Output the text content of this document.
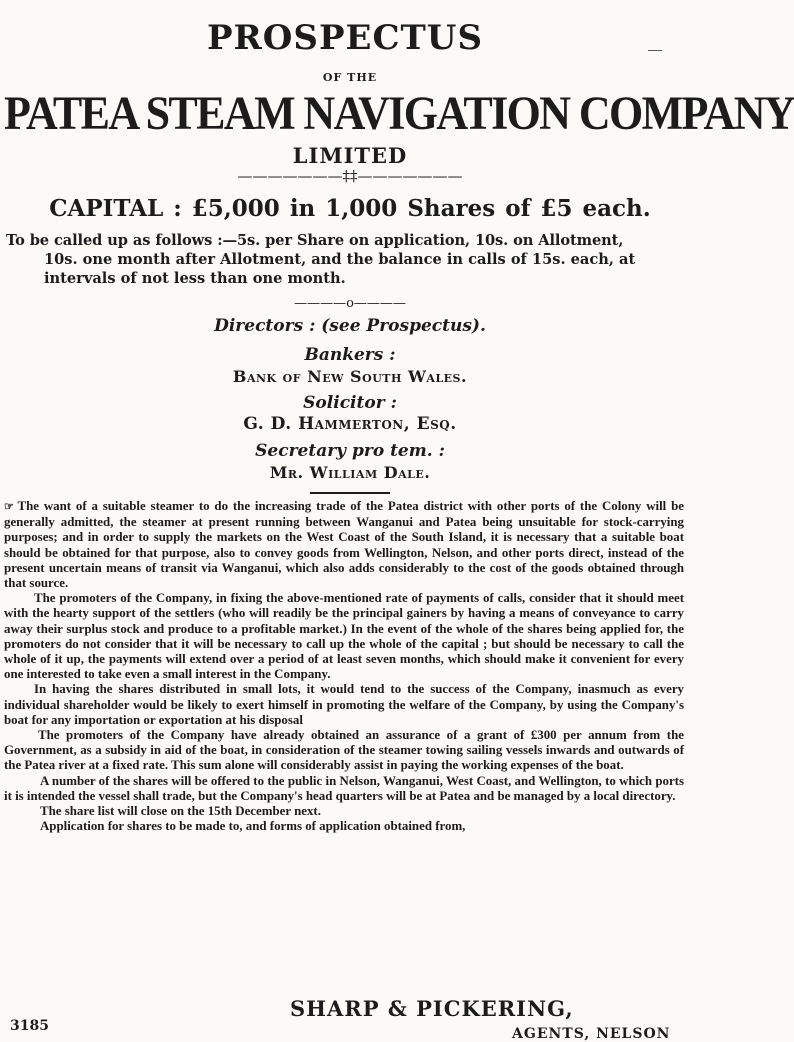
PROSPECTUS
OF THE
PATEA STEAM NAVIGATION COMPANY
LIMITED
———————‡‡———————
CAPITAL : £5,000 in 1,000 Shares of £5 each.
To be called up as follows :—5s. per Share on application, 10s. on Allotment,
10s. one month after Allotment, and the balance in calls of 15s. each, at
intervals of not less than one month.
————o————
Directors : (see Prospectus).
Bankers :
Bank of New South Wales.
Solicitor :
G. D. Hammerton, Esq.
Secretary pro tem. :
Mr. William Dale.

☞ The want of a suitable steamer to do the increasing trade of the Patea district with other ports of the Colony will be generally admitted, the steamer at present running between Wanganui and Patea being unsuitable for stock-carrying purposes; and in order to supply the markets on the West Coast of the South Island, it is necessary that a suitable boat should be obtained for that purpose, also to convey goods from Wellington, Nelson, and other ports direct, instead of the present uncertain means of transit via Wanganui, which also adds considerably to the cost of the goods obtained through that source.

The promoters of the Company, in fixing the above-mentioned rate of payments of calls, consider that it should meet with the hearty support of the settlers (who will readily be the principal gainers by having a means of conveyance to carry away their surplus stock and produce to a profitable market.) In the event of the whole of the shares being applied for, the promoters do not consider that it will be necessary to call up the whole of the capital ; but should be necessary to call the whole of it up, the payments will extend over a period of at least seven months, which should make it convenient for every one interested to take even a small interest in the Company.

In having the shares distributed in small lots, it would tend to the success of the Company, inasmuch as every individual shareholder would be likely to exert himself in promoting the welfare of the Company, by using the Company's boat for any importation or exportation at his disposal

The promoters of the Company have already obtained an assurance of a grant of £300 per annum from the Government, as a subsidy in aid of the boat, in consideration of the steamer towing sailing vessels inwards and outwards of the Patea river at a fixed rate. This sum alone will considerably assist in paying the working expenses of the boat.

A number of the shares will be offered to the public in Nelson, Wanganui, West Coast, and Wellington, to which ports it is intended the vessel shall trade, but the Company's head quarters will be at Patea and be managed by a local directory.

The share list will close on the 15th December next.

Application for shares to be made to, and forms of application obtained from,

SHARP & PICKERING,
AGENTS, NELSON
3185
